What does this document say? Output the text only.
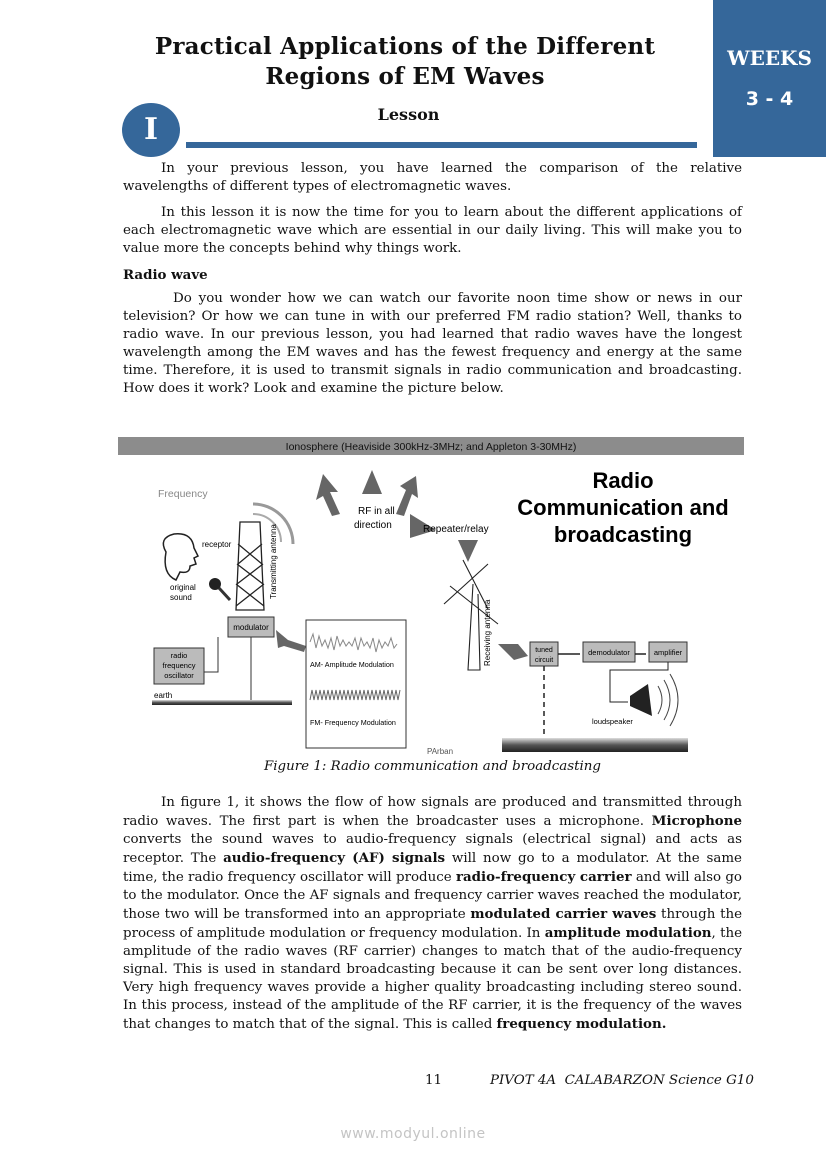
Practical Applications of the Different
Regions of EM Waves
WEEKS
3 - 4
I	Lesson

In your previous lesson, you have learned the comparison of the relative wavelengths of different types of electromagnetic waves.

In this lesson it is now the time for you to learn about the different applications of each electromagnetic wave which are essential in our daily living. This will make you to value more the concepts behind why things work.

Radio wave

Do you wonder how we can watch our favorite noon time show or news in our television? Or how we can tune in with our preferred FM radio station? Well, thanks to radio wave. In our previous lesson, you had learned that radio waves have the longest wavelength among the EM waves and has the fewest frequency and energy at the same time. Therefore, it is used to transmit signals in radio communication and broadcasting. How does it work? Look and examine the picture below.

Ionosphere (Heaviside 300kHz-3MHz; and Appleton 3-30MHz)
Frequency
RF in all
direction	Repeater/relay
Radio
Communication and
broadcasting
receptor
original
sound	Transmitting antenna
modulator
radio
frequency
oscillator
earth
AM- Amplitude Modulation
FM- Frequency Modulation
Receiving antenna	tuned
circuit
demodulator	amplifier
loudspeaker
PArban
Figure 1: Radio communication and broadcasting

In figure 1, it shows the flow of how signals are produced and transmitted through radio waves. The first part is when the broadcaster uses a microphone. Microphone converts the sound waves to audio-frequency signals (electrical signal) and acts as receptor. The audio-frequency (AF) signals will now go to a modulator. At the same time, the radio frequency oscillator will produce radio-frequency carrier and will also go to the modulator. Once the AF signals and frequency carrier waves reached the modulator, those two will be transformed into an appropriate modulated carrier waves through the process of amplitude modulation or frequency modulation. In amplitude modulation, the amplitude of the radio waves (RF carrier) changes to match that of the audio-frequency signal. This is used in standard broadcasting because it can be sent over long distances. Very high frequency waves provide a higher quality broadcasting including stereo sound. In this process, instead of the amplitude of the RF carrier, it is the frequency of the waves that changes to match that of the signal. This is called frequency modulation.

11	PIVOT 4A  CALABARZON Science G10
www.modyul.online
